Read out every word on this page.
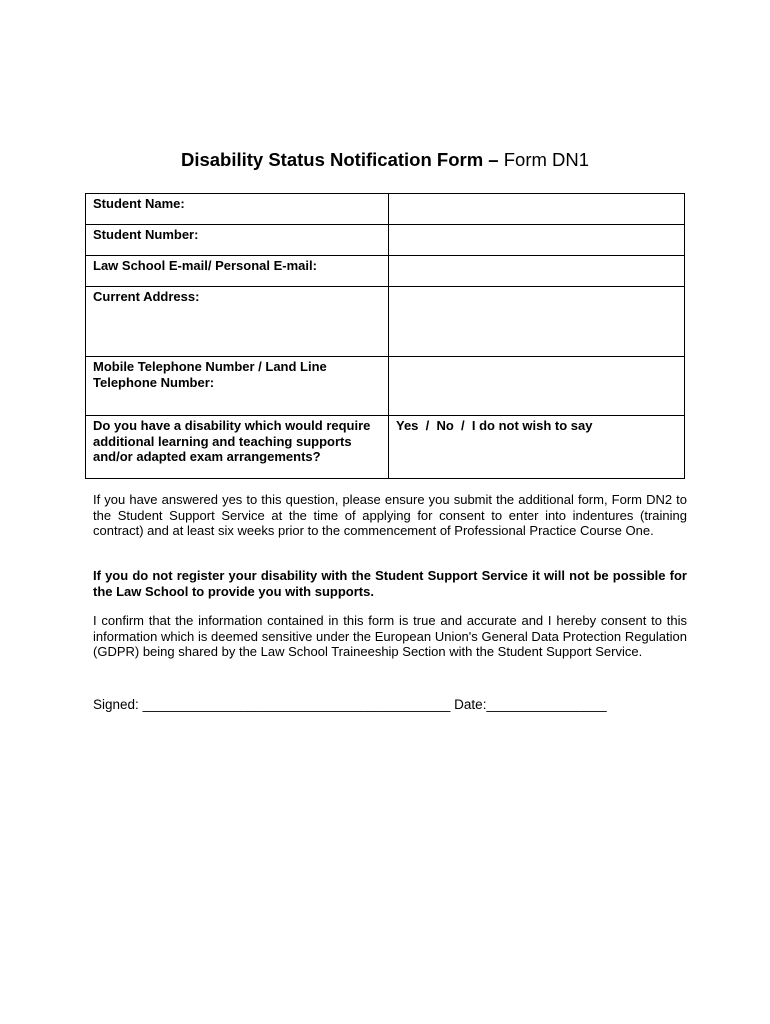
Disability Status Notification Form – Form DN1
Student Name:	
Student Number:	
Law School E-mail/ Personal E-mail:	
Current Address:	

Mobile Telephone Number / Land Line
Telephone Number:	

Do you have a disability which would require additional learning and teaching supports and/or adapted exam arrangements?	Yes  /  No  /  I do not wish to say
If you have answered yes to this question, please ensure you submit the additional form, Form DN2 to the Student Support Service at the time of applying for consent to enter into indentures (training contract) and at least six weeks prior to the commencement of Professional Practice Course One.
If you do not register your disability with the Student Support Service it will not be possible for the Law School to provide you with supports.
I confirm that the information contained in this form is true and accurate and I hereby consent to this information which is deemed sensitive under the European Union's General Data Protection Regulation (GDPR) being shared by the Law School Traineeship Section with the Student Support Service.
Signed: _________________________________________ Date:________________
